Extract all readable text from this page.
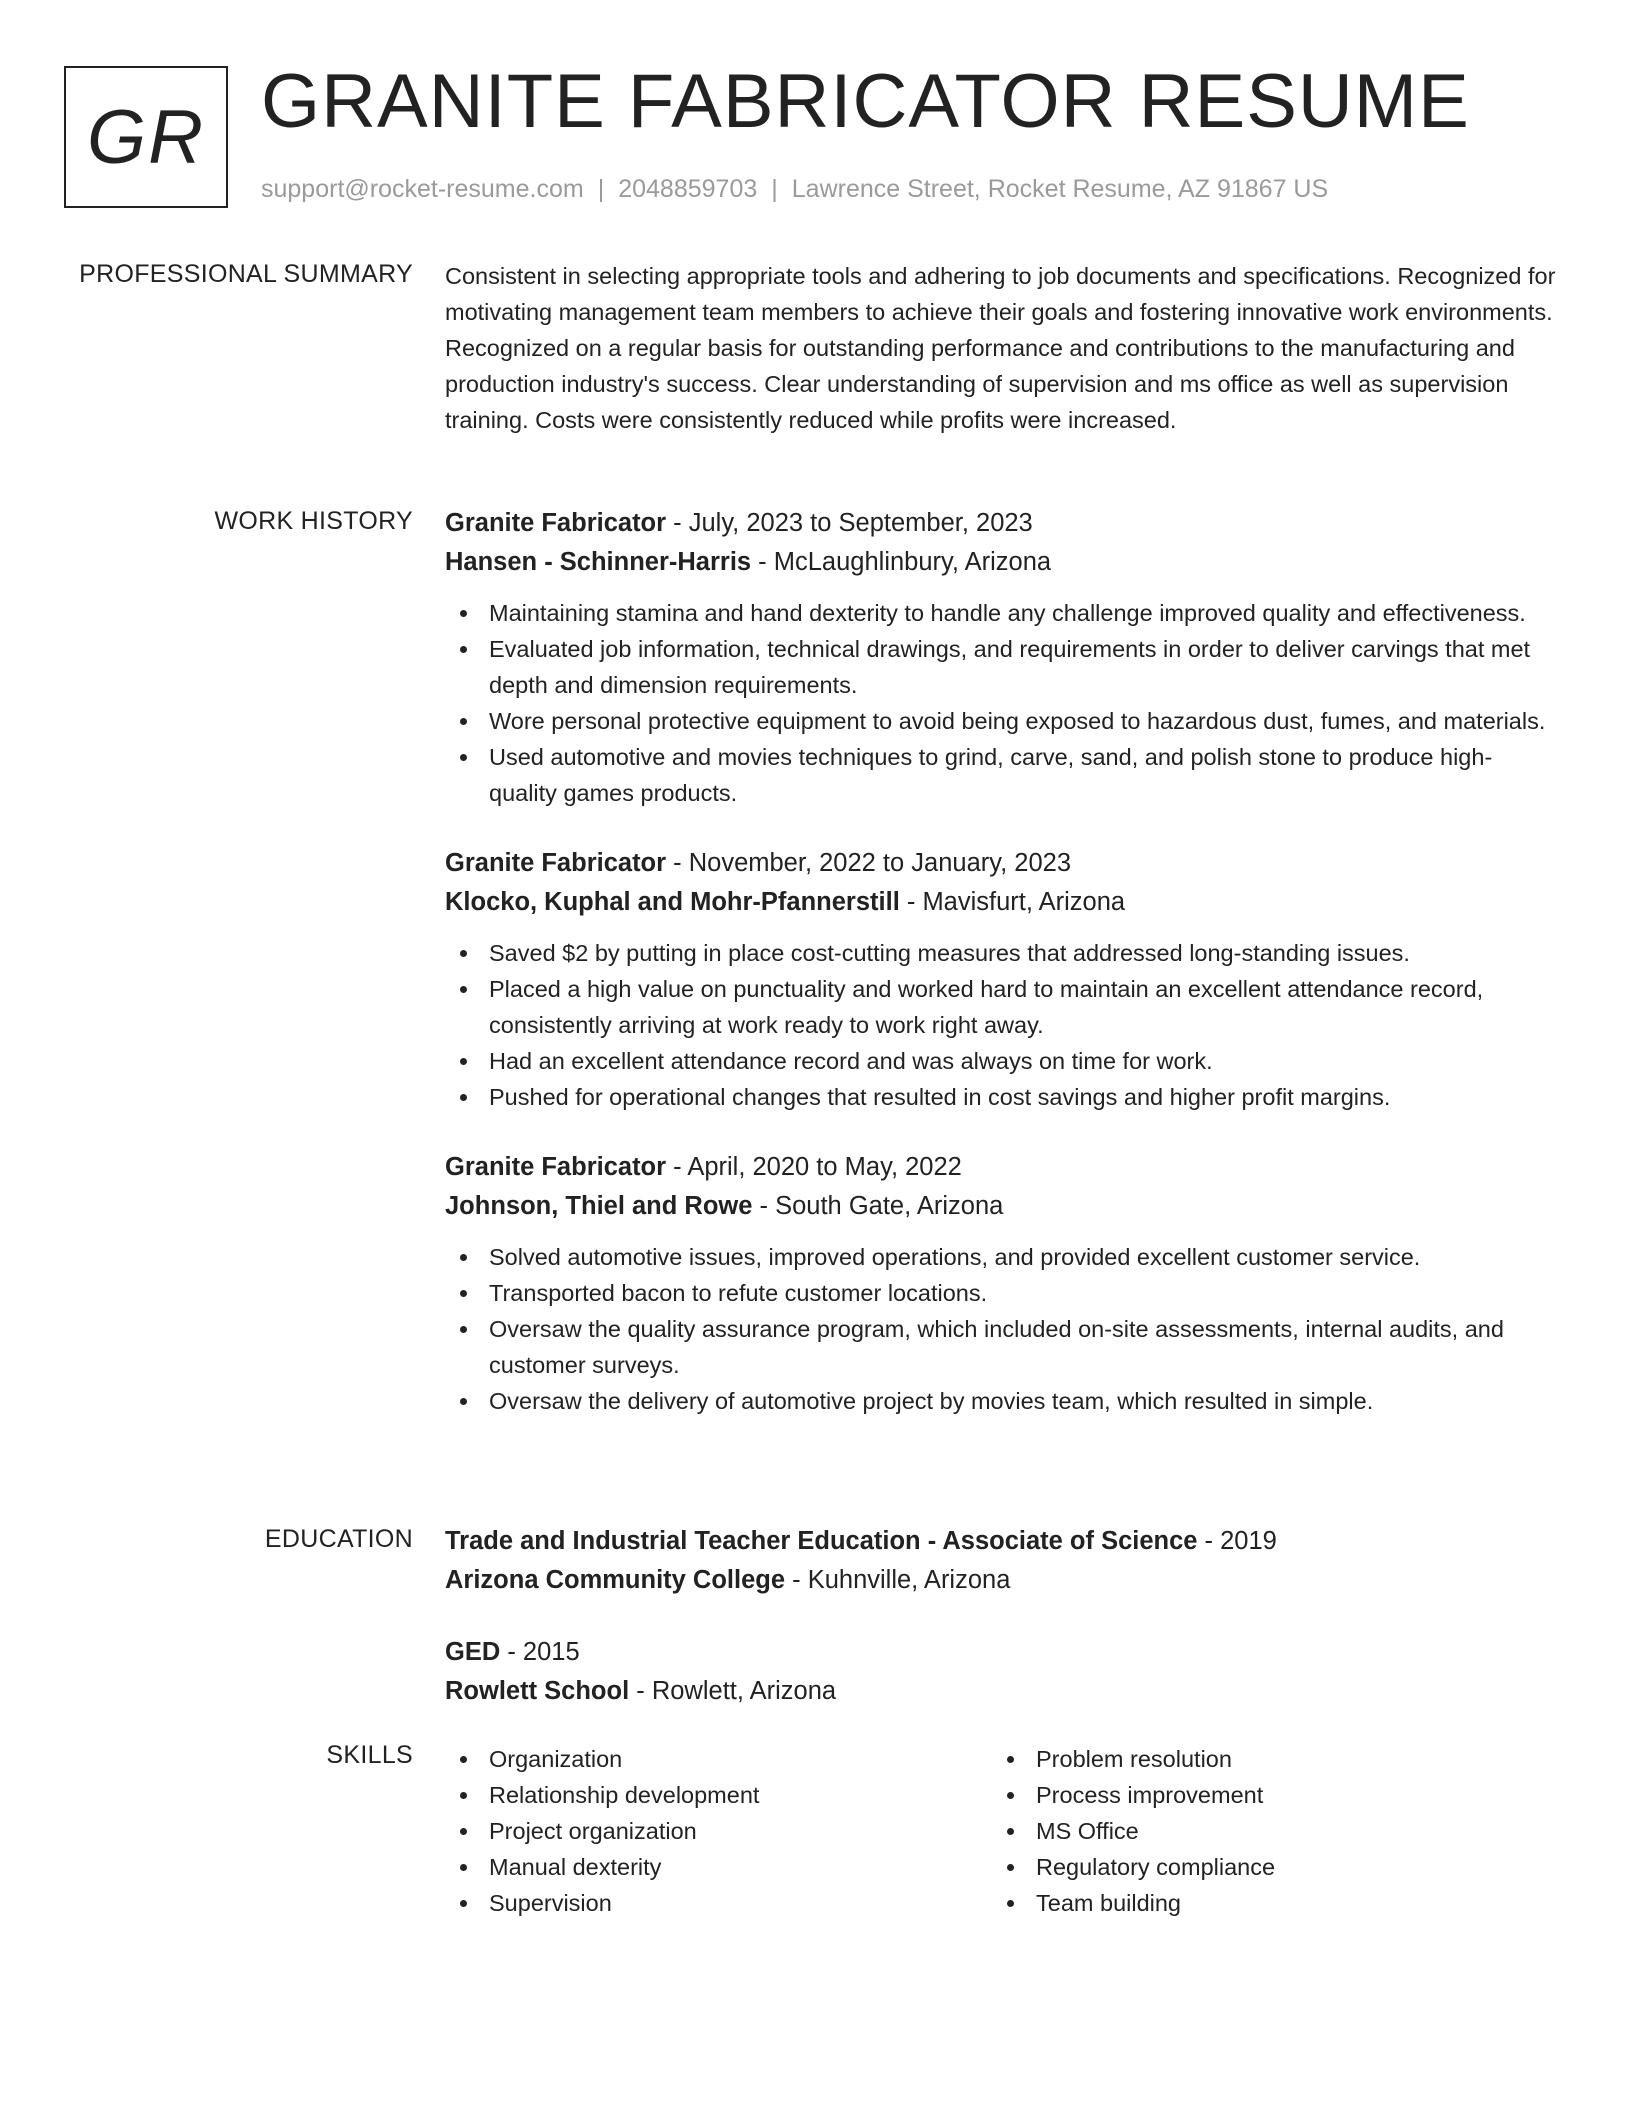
GR GRANITE FABRICATOR RESUME
support@rocket-resume.com | 2048859703 | Lawrence Street, Rocket Resume, AZ 91867 US
PROFESSIONAL SUMMARY Consistent in selecting appropriate tools and adhering to job documents and specifications. Recognized for motivating management team members to achieve their goals and fostering innovative work environments. Recognized on a regular basis for outstanding performance and contributions to the manufacturing and production industry's success. Clear understanding of supervision and ms office as well as supervision training. Costs were consistently reduced while profits were increased.

WORK HISTORY Granite Fabricator - July, 2023 to September, 2023
Hansen - Schinner-Harris - McLaughlinbury, Arizona
Maintaining stamina and hand dexterity to handle any challenge improved quality and effectiveness.
Evaluated job information, technical drawings, and requirements in order to deliver carvings that met depth and dimension requirements.
Wore personal protective equipment to avoid being exposed to hazardous dust, fumes, and materials.
Used automotive and movies techniques to grind, carve, sand, and polish stone to produce high-quality games products.
Granite Fabricator - November, 2022 to January, 2023
Klocko, Kuphal and Mohr-Pfannerstill - Mavisfurt, Arizona
Saved $2 by putting in place cost-cutting measures that addressed long-standing issues.
Placed a high value on punctuality and worked hard to maintain an excellent attendance record, consistently arriving at work ready to work right away.
Had an excellent attendance record and was always on time for work.
Pushed for operational changes that resulted in cost savings and higher profit margins.
Granite Fabricator - April, 2020 to May, 2022
Johnson, Thiel and Rowe - South Gate, Arizona
Solved automotive issues, improved operations, and provided excellent customer service.
Transported bacon to refute customer locations.
Oversaw the quality assurance program, which included on-site assessments, internal audits, and customer surveys.
Oversaw the delivery of automotive project by movies team, which resulted in simple.
EDUCATION Trade and Industrial Teacher Education - Associate of Science - 2019
Arizona Community College - Kuhnville, Arizona
GED - 2015
Rowlett School - Rowlett, Arizona
SKILLS	Organization
Relationship development
Project organization
Manual dexterity
Supervision
Problem resolution
Process improvement
MS Office
Regulatory compliance
Team building
